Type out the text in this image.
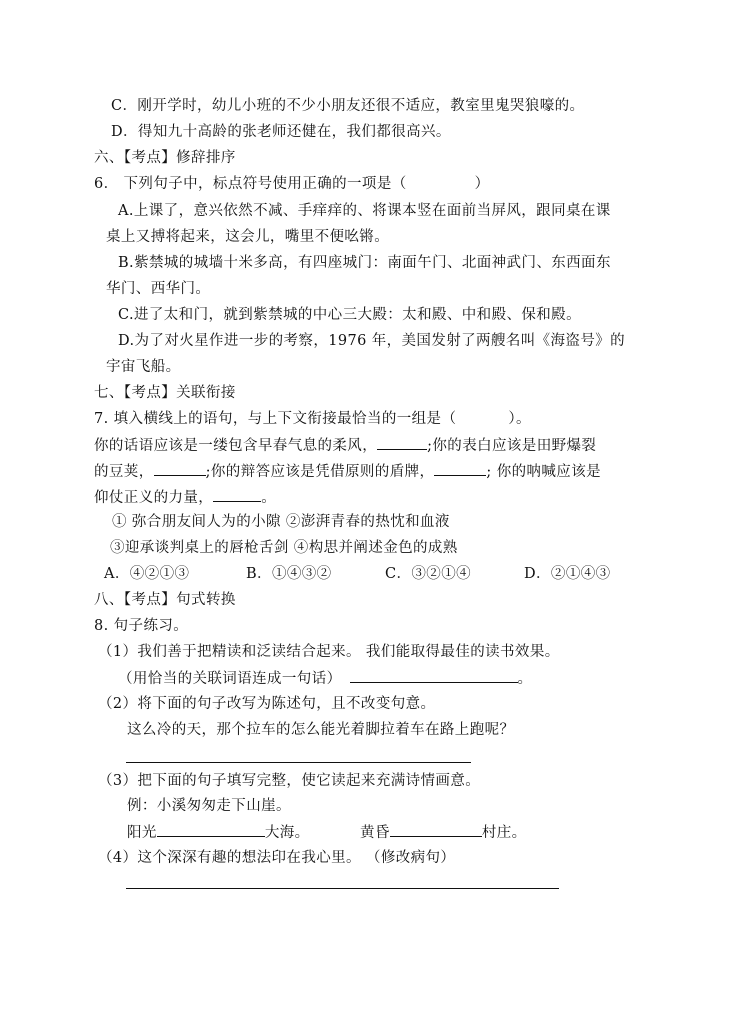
C．刚开学时，幼儿小班的不少小朋友还很不适应，教室里鬼哭狼嚎的。
D．得知九十高龄的张老师还健在，我们都很高兴。
六、【考点】修辞排序
6． 下列句子中，标点符号使用正确的一项是（	）
A.上课了，意兴依然不减、手痒痒的、将课本竖在面前当屏风，跟同桌在课
桌上又搏将起来，这会儿，嘴里不便吆锵。
B.紫禁城的城墙十米多高，有四座城门：南面午门、北面神武门、东西面东
华门、西华门。
C.进了太和门，就到紫禁城的中心三大殿：太和殿、中和殿、保和殿。
D.为了对火星作进一步的考察，1976 年，美国发射了两艘名叫《海盗号》的
宇宙飞船。
七、【考点】关联衔接
7. 填入横线上的语句，与上下文衔接最恰当的一组是（	）。
你的话语应该是一缕包含早春气息的柔风，	;你的表白应该是田野爆裂
的豆荚，	;你的辩答应该是凭借原则的盾牌，	; 你的呐喊应该是
仰仗正义的力量，	。
① 弥合朋友间人为的小隙 ②澎湃青春的热忱和血液
③迎承谈判桌上的唇枪舌剑 ④构思并阐述金色的成熟
A．④②①③	B．①④③②	C．③②①④	D．②①④③
八、【考点】句式转换
8. 句子练习。
（1）我们善于把精读和泛读结合起来。 我们能取得最佳的读书效果。
（用恰当的关联词语连成一句话）	。
（2）将下面的句子改写为陈述句，且不改变句意。
这么冷的天，那个拉车的怎么能光着脚拉着车在路上跑呢？
（3）把下面的句子填写完整，使它读起来充满诗情画意。
例：小溪匆匆走下山崖。
阳光	大海。	黄昏	村庄。
（4）这个深深有趣的想法印在我心里。 （修改病句）
